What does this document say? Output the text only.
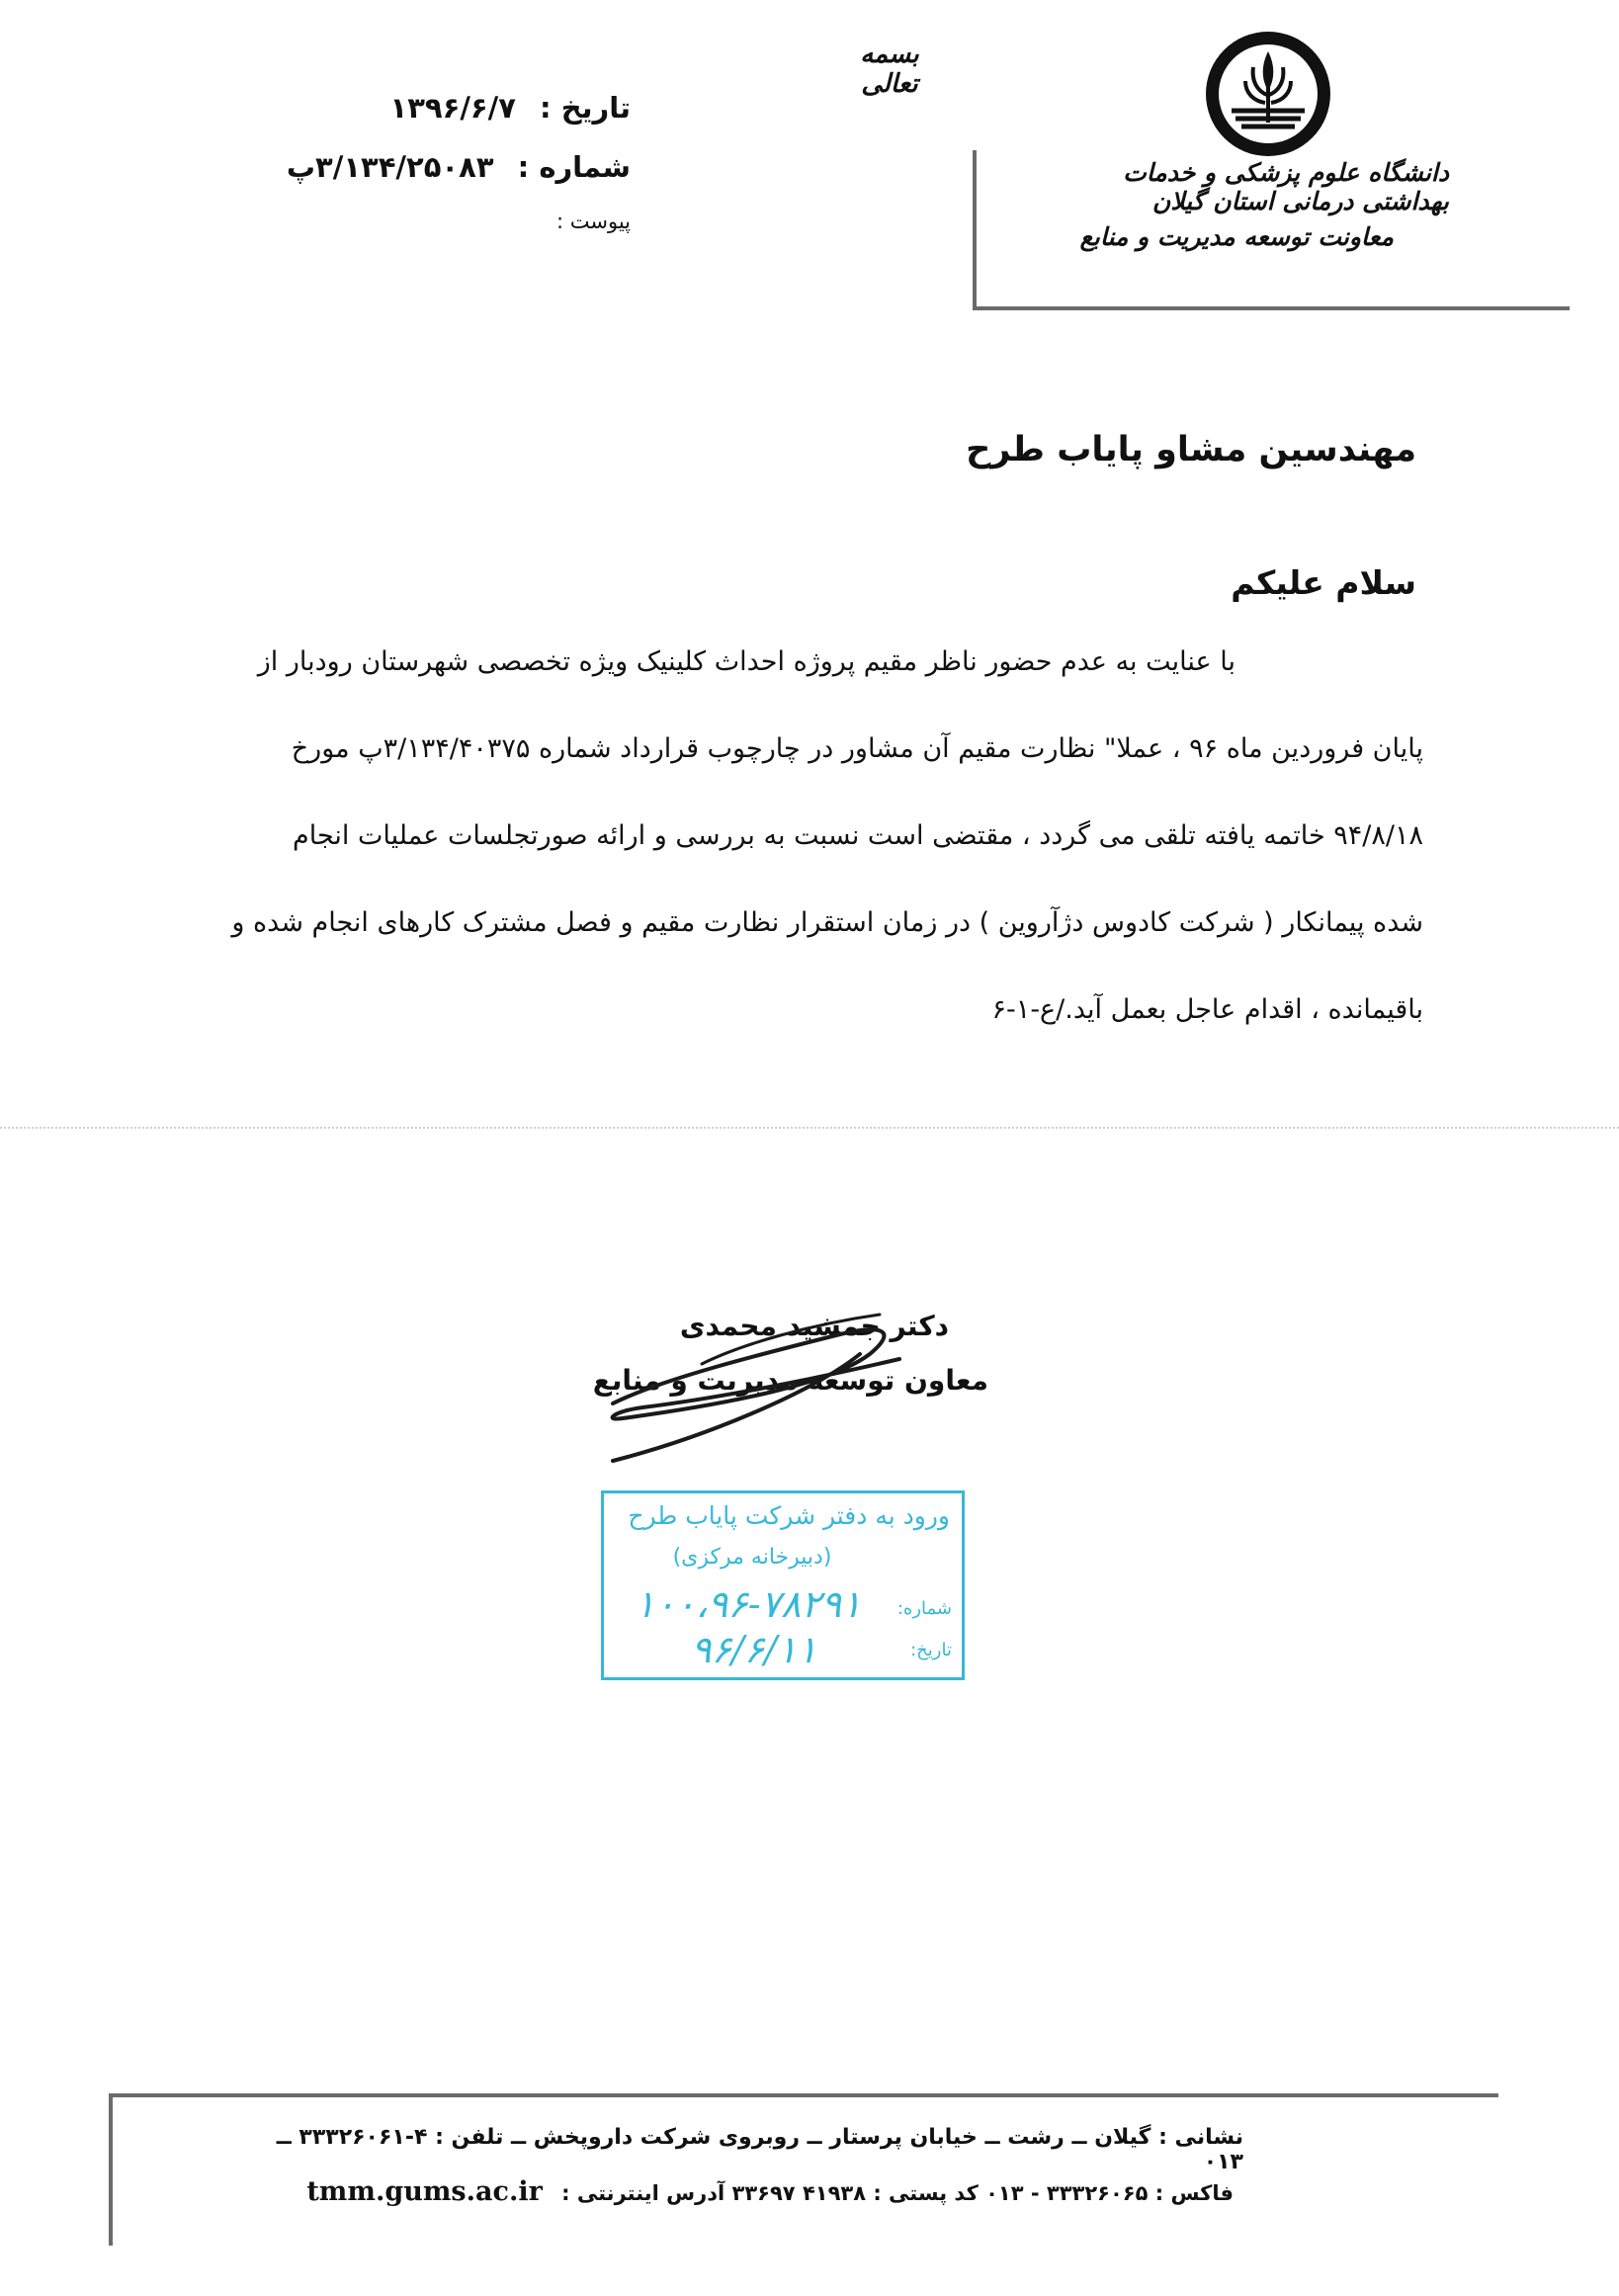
بسمه تعالی
دانشگاه علوم پزشکی و خدمات بهداشتی درمانی استان گیلان
معاونت توسعه مدیریت و منابع
تاریخ : ۱۳۹۶/۶/۷
شماره : ۳/۱۳۴/۲۵۰۸۳پ
پیوست :
مهندسین مشاو پایاب طرح
سلام علیکم
با عنایت به عدم حضور ناظر مقیم پروژه احداث کلینیک ویژه تخصصی شهرستان رودبار از
پایان فروردین ماه ۹۶ ، عملا" نظارت مقیم آن مشاور در چارچوب قرارداد شماره ۳/۱۳۴/۴۰۳۷۵پ مورخ
۹۴/۸/۱۸ خاتمه یافته تلقی می گردد ، مقتضی است نسبت به بررسی و ارائه صورتجلسات عملیات انجام
شده پیمانکار ( شرکت کادوس دژآروین ) در زمان استقرار نظارت مقیم و فصل مشترک کارهای انجام شده و
باقیمانده ، اقدام عاجل بعمل آید./ع-۱-۶
دکتر جمشید محمدی
معاون توسعه مدیریت و منابع
ورود به دفتر شرکت پایاب طرح
(دبیرخانه مرکزی)
شماره:
۱۰۰،۹۶-۷۸۲۹۱
تاریخ:
۹۶/۶/۱۱
نشانی : گیلان ــ رشت ــ خیابان پرستار ــ روبروی شرکت داروپخش ــ تلفن : ۴-۳۳۳۲۶۰۶۱ ــ ۰۱۳
فاکس : ۳۳۳۲۶۰۶۵ - ۰۱۳ کد پستی : ۴۱۹۳۸ ۳۳۶۹۷ آدرس اینترنتی : tmm.gums.ac.ir
